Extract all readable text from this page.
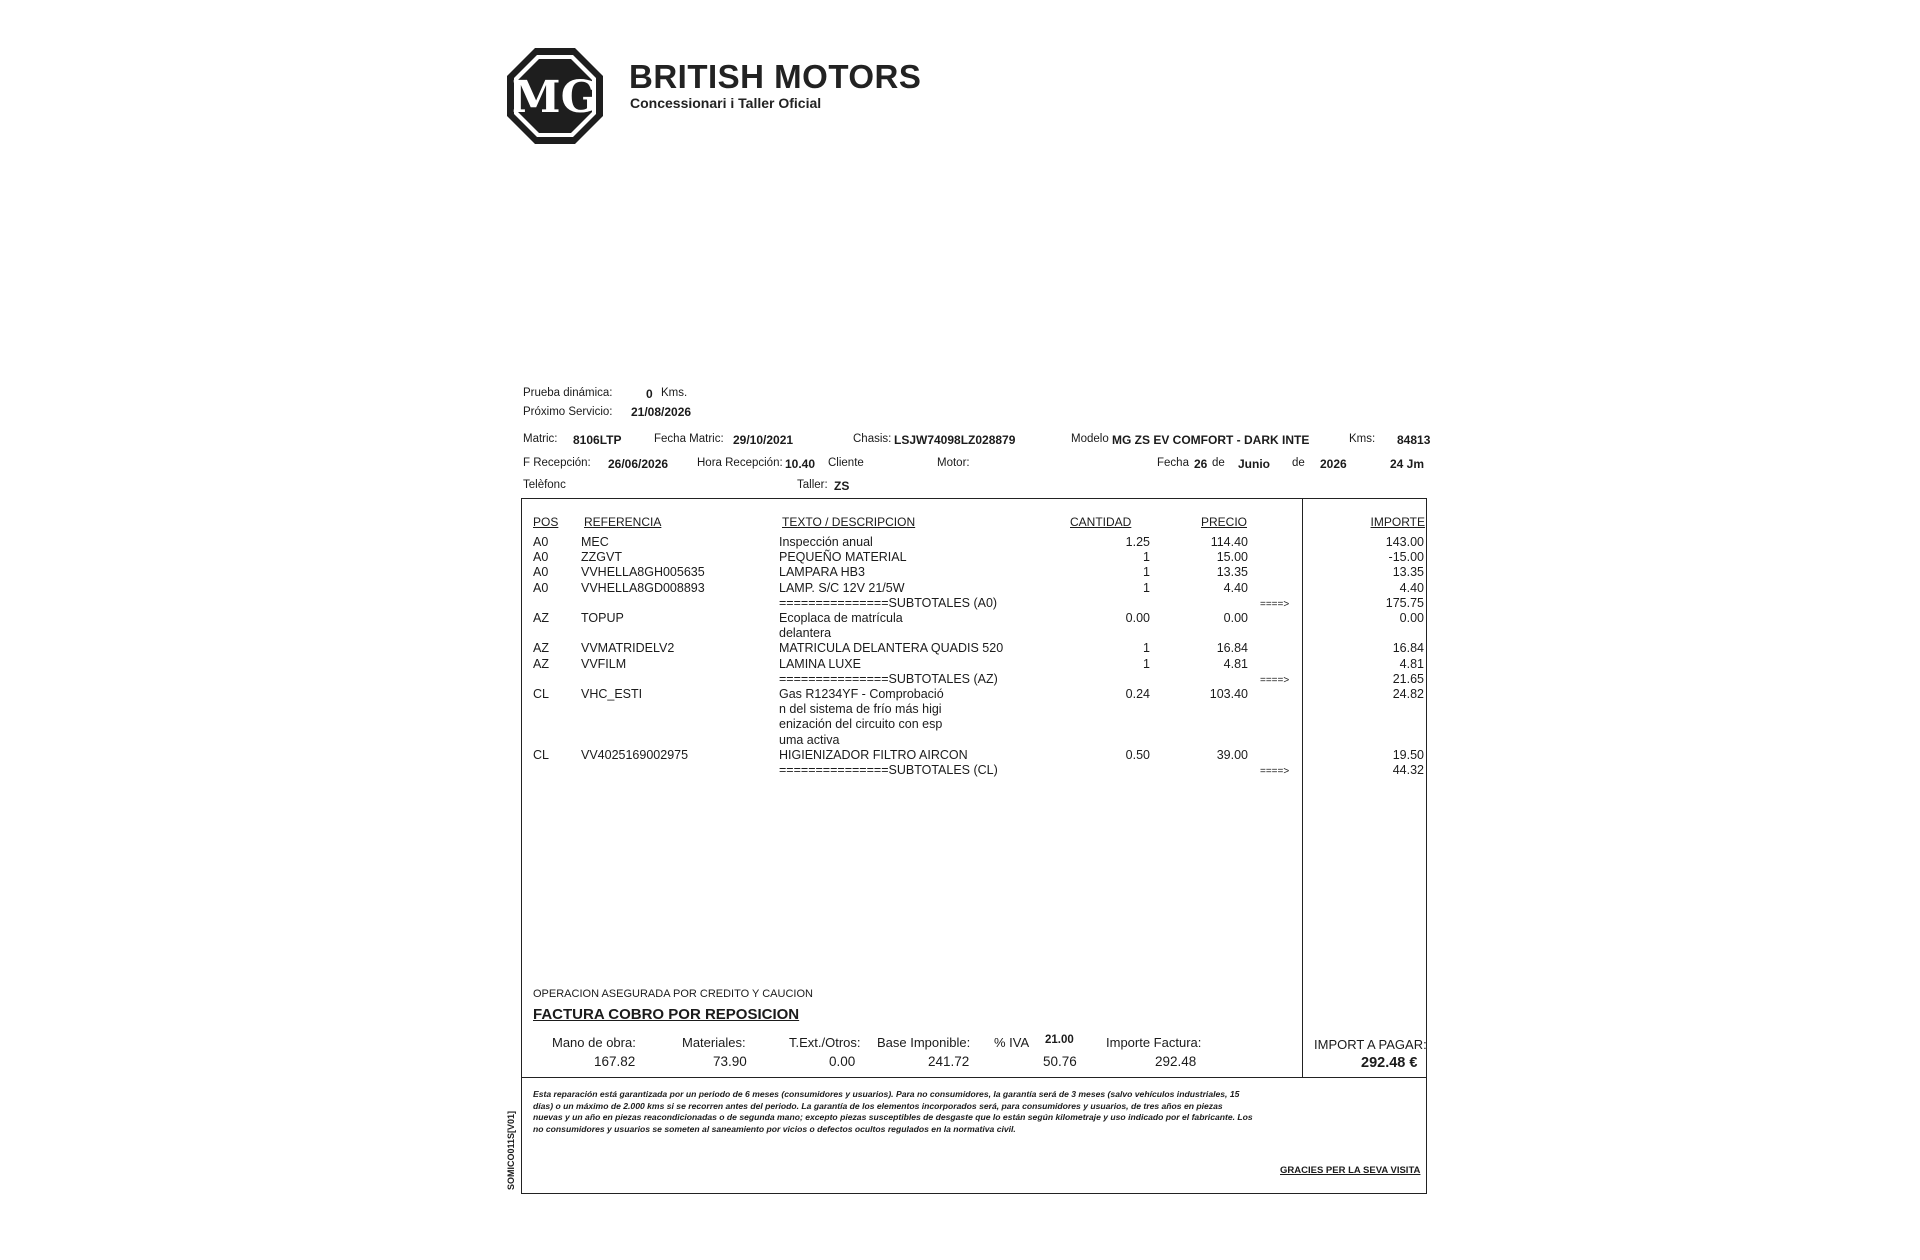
MG BRITISH MOTORS
Concessionari i Taller Oficial
Prueba dinámica:	0 Kms.
Próximo Servicio: 21/08/2026
Matric: 8106LTP	Fecha Matric: 29/10/2021	Chasis: LSJW74098LZ028879	Modelo MG ZS EV COMFORT - DARK INTE	Kms: 84813
F Recepción: 26/06/2026	Hora Recepción: 10.40 Cliente	Motor:	Fecha 26 de Junio de 2026	24 Jm
Telèfonc	Taller: ZS
POS REFERENCIA	TEXTO / DESCRIPCION	CANTIDAD	PRECIO	IMPORTE
A0	MEC	Inspección anual	1.25	114.40	143.00
A0	ZZGVT	PEQUEÑO MATERIAL	1	15.00	-15.00
A0	VVHELLA8GH005635	LAMPARA HB3	1	13.35	13.35
A0	VVHELLA8GD008893	LAMP. S/C 12V 21/5W	1	4.40	4.40
===============SUBTOTALES (A0)	====>	175.75
AZ	TOPUP	Ecoplaca de matrícula	0.00	0.00	0.00
delantera
AZ	VVMATRIDELV2	MATRICULA DELANTERA QUADIS 520	1	16.84	16.84
AZ	VVFILM	LAMINA LUXE	1	4.81	4.81
===============SUBTOTALES (AZ)	====>	21.65
CL	VHC_ESTI	Gas R1234YF - Comprobació	0.24	103.40	24.82
n del sistema de frío más higi
enización del circuito con esp
uma activa
CL	VV4025169002975	HIGIENIZADOR FILTRO AIRCON	0.50	39.00	19.50
===============SUBTOTALES (CL)	====>	44.32
OPERACION ASEGURADA POR CREDITO Y CAUCION
FACTURA COBRO POR REPOSICION
Mano de obra:
167.82
Materiales:
73.90
T.Ext./Otros:
0.00
Base Imponible:
241.72
% IVA 21.00
50.76
Importe Factura:
292.48
IMPORT A PAGAR:
292.48 €
Esta reparación está garantizada por un periodo de 6 meses (consumidores y usuarios). Para no consumidores, la garantía será de 3 meses (salvo vehículos industriales, 15 días) o un máximo de 2.000 kms si se recorren antes del periodo. La garantía de los elementos incorporados será, para consumidores y usuarios, de tres años en piezas nuevas y un año en piezas reacondicionadas o de segunda mano; excepto piezas susceptibles de desgaste que lo están según kilometraje y uso indicado por el fabricante. Los no consumidores y usuarios se someten al saneamiento por vicios o defectos ocultos regulados en la normativa civil.
GRACIES PER LA SEVA VISITA
SOMICO011S[V01]
